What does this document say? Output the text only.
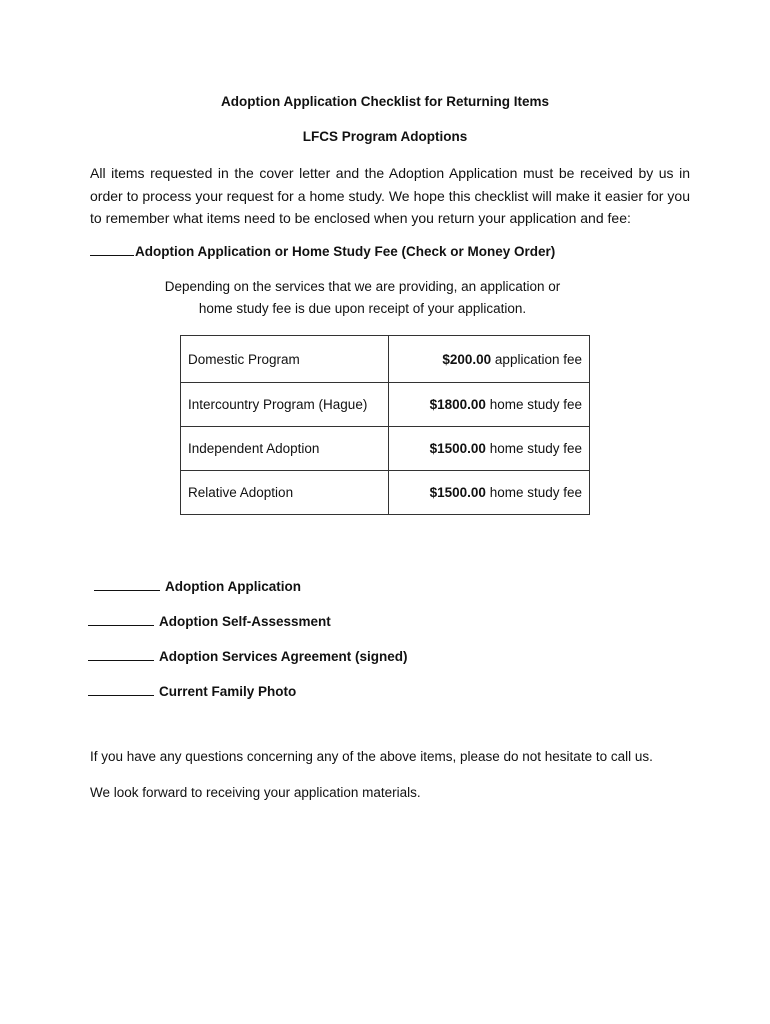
Adoption Application Checklist for Returning Items
LFCS Program Adoptions
All items requested in the cover letter and the Adoption Application must be received by us in order to process your request for a home study. We hope this checklist will make it easier for you to remember what items need to be enclosed when you return your application and fee:
Adoption Application or Home Study Fee (Check or Money Order)
Depending on the services that we are providing, an application or
home study fee is due upon receipt of your application.
Domestic Program	$200.00 application fee
Intercountry Program (Hague)	$1800.00 home study fee
Independent Adoption	$1500.00 home study fee
Relative Adoption	$1500.00 home study fee
Adoption Application
Adoption Self-Assessment
Adoption Services Agreement (signed)
Current Family Photo
If you have any questions concerning any of the above items, please do not hesitate to call us.
We look forward to receiving your application materials.
